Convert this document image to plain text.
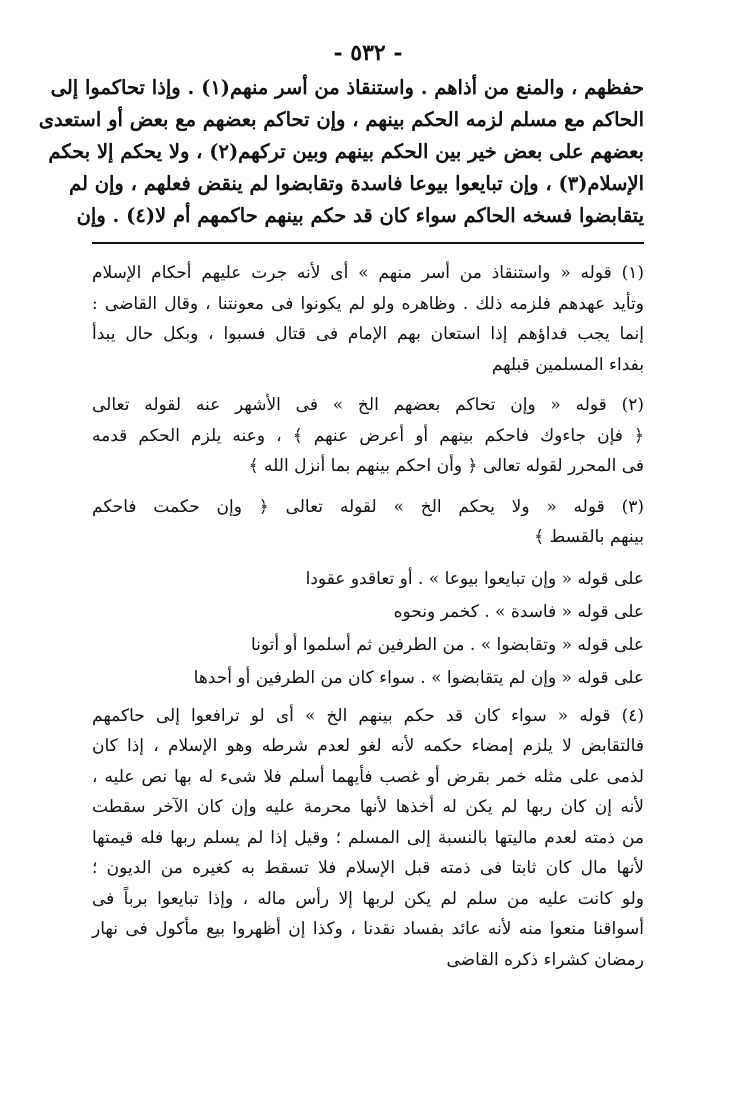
- ٥٣٢ -
حفظهم ، والمنع من أذاهم . واستنقاذ من أسر منهم(١) . وإذا تحاكموا إلى
الحاكم مع مسلم لزمه الحكم بينهم ، وإن تحاكم بعضهم مع بعض أو استعدى
بعضهم على بعض خير بين الحكم بينهم وبين تركهم(٢) ، ولا يحكم إلا بحكم
الإسلام(٣) ، وإن تبايعوا بيوعا فاسدة وتقابضوا لم ينقض فعلهم ، وإن لم
يتقابضوا فسخه الحاكم سواء كان قد حكم بينهم حاكمهم أم لا(٤) . وإن
(١) قوله « واستنقاذ من أسر منهم » أى لأنه جرت عليهم أحكام الإسلام
وتأيد عهدهم فلزمه ذلك . وظاهره ولو لم يكونوا فى معونتنا ، وقال القاضى :
إنما يجب فداؤهم إذا استعان بهم الإمام فى قتال فسبوا ، وبكل حال يبدأ
بفداء المسلمين قبلهم
(٢) قوله « وإن تحاكم بعضهم الخ » فى الأشهر عنه لقوله تعالى
﴿ فإن جاءوك فاحكم بينهم أو أعرض عنهم ﴾ ، وعنه يلزم الحكم قدمه
فى المحرر لقوله تعالى ﴿ وأن احكم بينهم بما أنزل الله ﴾
(٣) قوله « ولا يحكم الخ » لقوله تعالى ﴿ وإن حكمت فاحكم
بينهم بالقسط ﴾
على قوله « وإن تبايعوا بيوعا » . أو تعاقدو عقودا
على قوله « فاسدة » . كخمر ونحوه
على قوله « وتقابضوا » . من الطرفين ثم أسلموا أو أتونا
على قوله « وإن لم يتقابضوا » . سواء كان من الطرفين أو أحدها
(٤) قوله « سواء كان قد حكم بينهم الخ » أى لو ترافعوا إلى حاكمهم
فالتقابض لا يلزم إمضاء حكمه لأنه لغو لعدم شرطه وهو الإسلام ، إذا كان
لذمى على مثله خمر بقرض أو غصب فأيهما أسلم فلا شىء له بها نص عليه ،
لأنه إن كان ربها لم يكن له أخذها لأنها محرمة عليه وإن كان الآخر سقطت
من ذمته لعدم ماليتها بالنسبة إلى المسلم ؛ وقيل إذا لم يسلم ربها فله قيمتها
لأنها مال كان ثابتا فى ذمته قبل الإسلام فلا تسقط به كغيره من الديون ؛
ولو كانت عليه من سلم لم يكن لربها إلا رأس ماله ، وإذا تبايعوا برباً فى
أسواقنا منعوا منه لأنه عائد بفساد نقدنا ، وكذا إن أظهروا بيع مأكول فى نهار
رمضان كشراء ذكره القاضى
